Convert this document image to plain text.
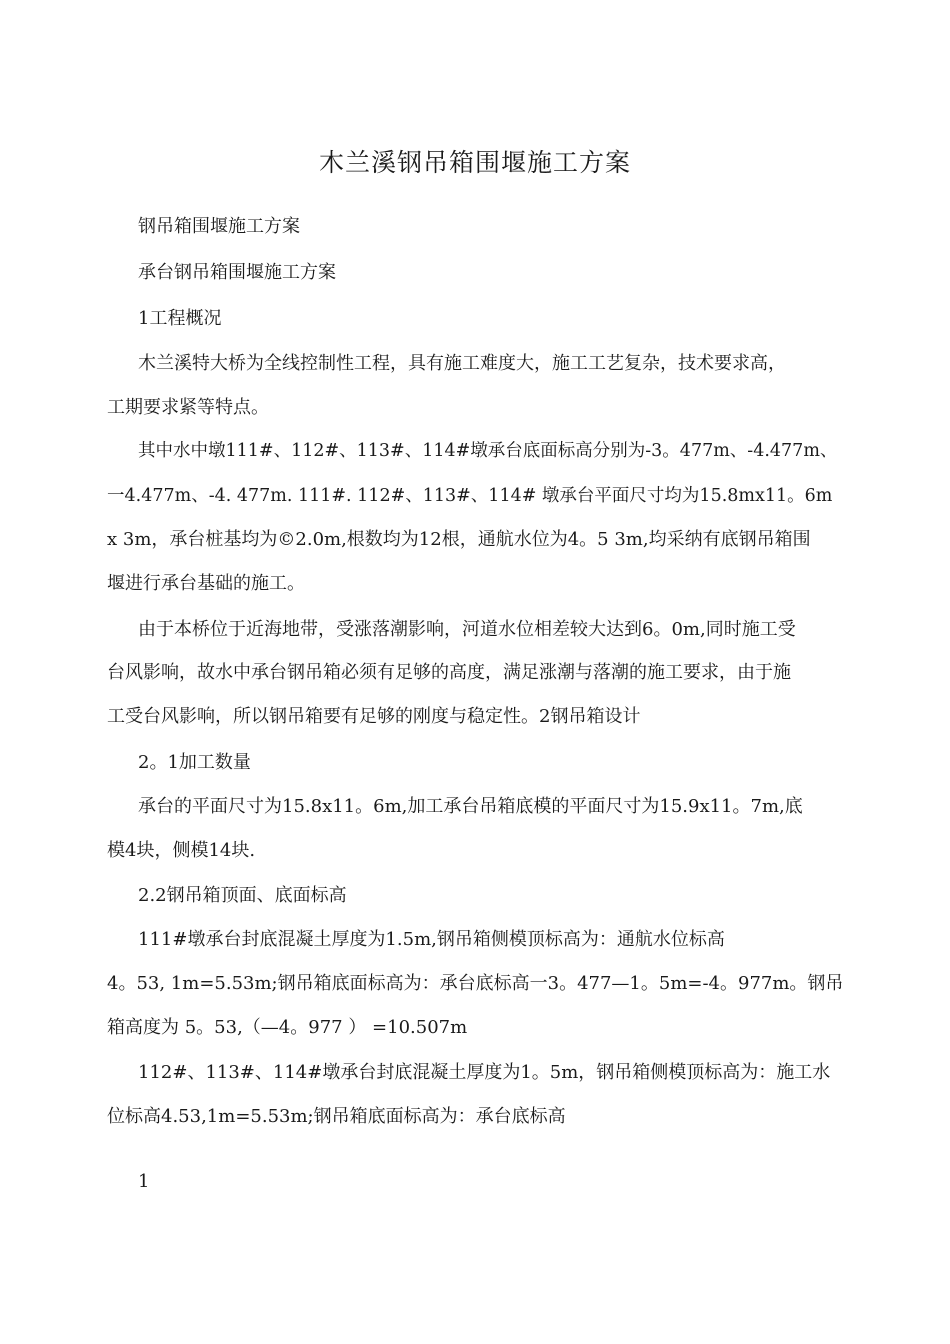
木兰溪钢吊箱围堰施工方案
钢吊箱围堰施工方案
承台钢吊箱围堰施工方案
1工程概况
木兰溪特大桥为全线控制性工程，具有施工难度大，施工工艺复杂，技术要求高，
工期要求紧等特点。
其中水中墩111#、112#、113#、114#墩承台底面标高分别为-3。477m、-4.477m、
一4.477m、-4. 477m. 111#. 112#、113#、114# 墩承台平面尺寸均为15.8mx11。6m
x 3m，承台桩基均为©2.0m,根数均为12根，通航水位为4。5 3m,均采纳有底钢吊箱围
堰进行承台基础的施工。
由于本桥位于近海地带，受涨落潮影响，河道水位相差较大达到6。0m,同时施工受
台风影响，故水中承台钢吊箱必须有足够的高度，满足涨潮与落潮的施工要求，由于施
工受台风影响，所以钢吊箱要有足够的刚度与稳定性。2钢吊箱设计
2。1加工数量
承台的平面尺寸为15.8x11。6m,加工承台吊箱底模的平面尺寸为15.9x11。7m,底
模4块，侧模14块.
2.2钢吊箱顶面、底面标高
111#墩承台封底混凝土厚度为1.5m,钢吊箱侧模顶标高为：通航水位标高
4。53, 1m=5.53m;钢吊箱底面标高为：承台底标高一3。477—1。5m=-4。977m。钢吊
箱高度为 5。53,（—4。977 ） =10.507m
112#、113#、114#墩承台封底混凝土厚度为1。5m，钢吊箱侧模顶标高为：施工水
位标高4.53,1m=5.53m;钢吊箱底面标高为：承台底标高
1
